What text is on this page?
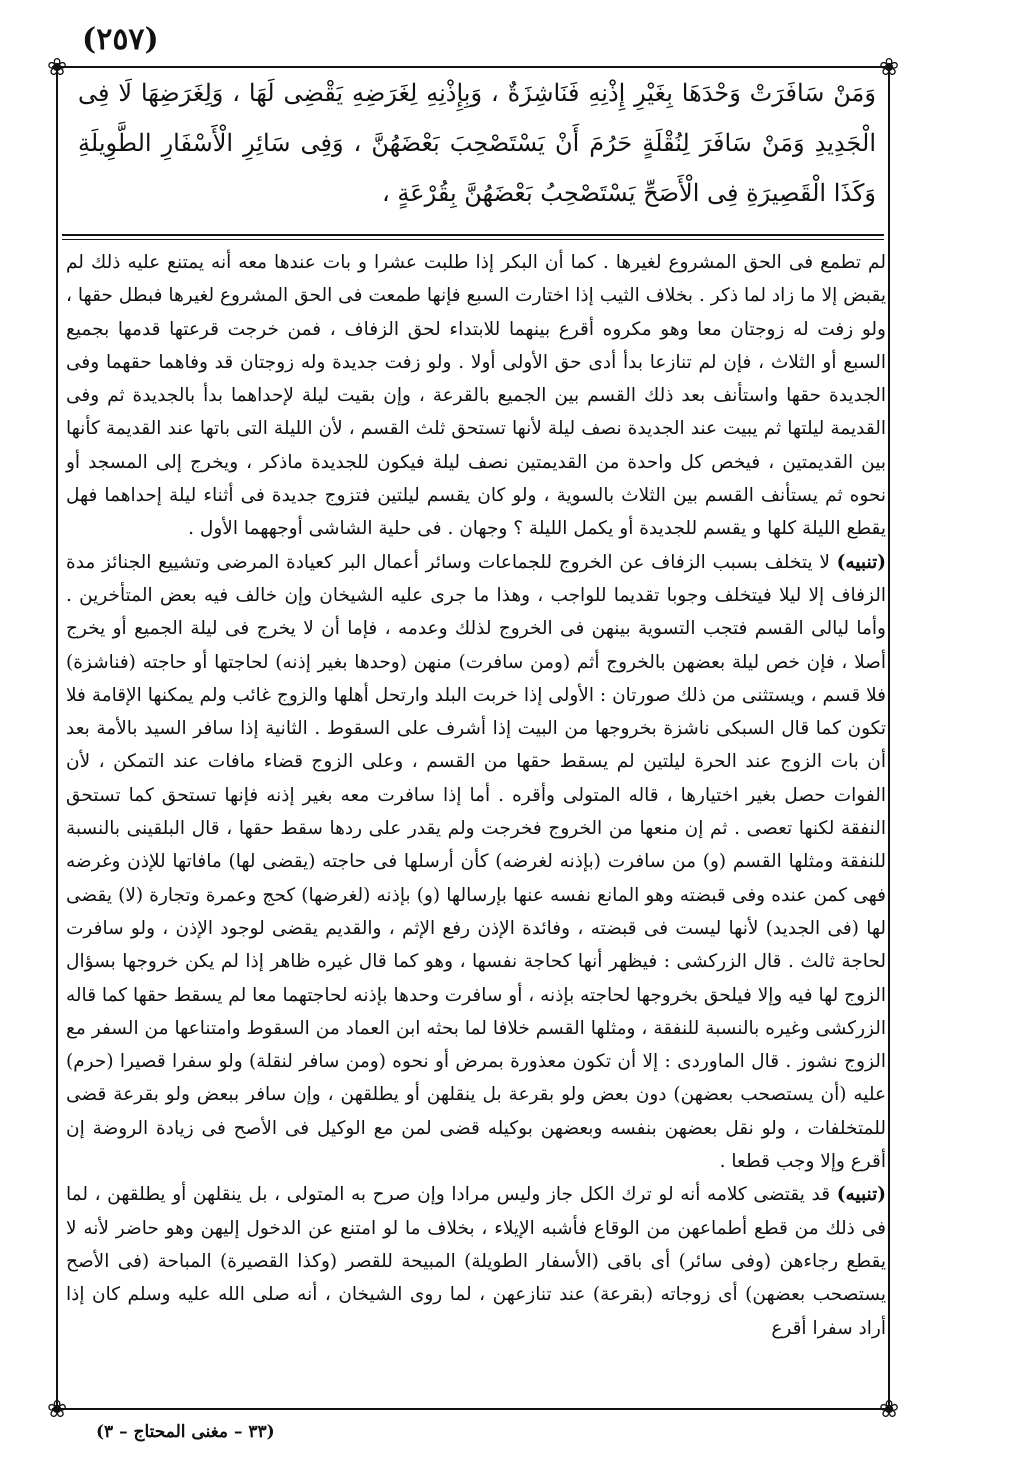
(٢٥٧)
❀	❀
❀	❀

وَمَنْ سَافَرَتْ وَحْدَهَا بِغَيْرِ إِذْنِهِ فَنَاشِزَةٌ ، وَبِإِذْنِهِ لِغَرَضِهِ يَقْضِى لَهَا ، وَلِغَرَضِهَا لَا فِى الْجَدِيدِ وَمَنْ سَافَرَ لِنُقْلَةٍ حَرُمَ أَنْ يَسْتَصْحِبَ بَعْضَهُنَّ ، وَفِى سَائِرِ الْأَسْفَارِ الطَّوِيلَةِ وَكَذَا الْقَصِيرَةِ فِى الْأَصَحِّ يَسْتَصْحِبُ بَعْضَهُنَّ بِقُرْعَةٍ ،

لم تطمع فى الحق المشروع لغيرها . كما أن البكر إذا طلبت عشرا و بات عندها معه أنه يمتنع عليه ذلك لم يقبض إلا ما زاد لما ذكر . بخلاف الثيب إذا اختارت السبع فإنها طمعت فى الحق المشروع لغيرها فبطل حقها ، ولو زفت له زوجتان معا وهو مكروه أقرع بينهما للابتداء لحق الزفاف ، فمن خرجت قرعتها قدمها بجميع السبع أو الثلاث ، فإن لم تنازعا بدأ أدى حق الأولى أولا . ولو زفت جديدة وله زوجتان قد وفاهما حقهما وفى الجديدة حقها واستأنف بعد ذلك القسم بين الجميع بالقرعة ، وإن بقيت ليلة لإحداهما بدأ بالجديدة ثم وفى القديمة ليلتها ثم يبيت عند الجديدة نصف ليلة لأنها تستحق ثلث القسم ، لأن الليلة التى باتها عند القديمة كأنها بين القديمتين ، فيخص كل واحدة من القديمتين نصف ليلة فيكون للجديدة ماذكر ، ويخرج إلى المسجد أو نحوه ثم يستأنف القسم بين الثلاث بالسوية ، ولو كان يقسم ليلتين فتزوج جديدة فى أثناء ليلة إحداهما فهل يقطع الليلة كلها و يقسم للجديدة أو يكمل الليلة ؟ وجهان . فى حلية الشاشى أوجههما الأول .

(تنبيه) لا يتخلف بسبب الزفاف عن الخروج للجماعات وسائر أعمال البر كعيادة المرضى وتشييع الجنائز مدة الزفاف إلا ليلا فيتخلف وجوبا تقديما للواجب ، وهذا ما جرى عليه الشيخان وإن خالف فيه بعض المتأخرين . وأما ليالى القسم فتجب التسوية بينهن فى الخروج لذلك وعدمه ، فإما أن لا يخرج فى ليلة الجميع أو يخرج أصلا ، فإن خص ليلة بعضهن بالخروج أثم (ومن سافرت) منهن (وحدها بغير إذنه) لحاجتها أو حاجته (فناشزة) فلا قسم ، ويستثنى من ذلك صورتان : الأولى إذا خربت البلد وارتحل أهلها والزوج غائب ولم يمكنها الإقامة فلا تكون كما قال السبكى ناشزة بخروجها من البيت إذا أشرف على السقوط . الثانية إذا سافر السيد بالأمة بعد أن بات الزوج عند الحرة ليلتين لم يسقط حقها من القسم ، وعلى الزوج قضاء مافات عند التمكن ، لأن الفوات حصل بغير اختيارها ، قاله المتولى وأقره . أما إذا سافرت معه بغير إذنه فإنها تستحق كما تستحق النفقة لكنها تعصى . ثم إن منعها من الخروج فخرجت ولم يقدر على ردها سقط حقها ، قال البلقينى بالنسبة للنفقة ومثلها القسم (و) من سافرت (بإذنه لغرضه) كأن أرسلها فى حاجته (يقضى لها) مافاتها للإذن وغرضه فهى كمن عنده وفى قبضته وهو المانع نفسه عنها بإرسالها (و) بإذنه (لغرضها) كحج وعمرة وتجارة (لا) يقضى لها (فى الجديد) لأنها ليست فى قبضته ، وفائدة الإذن رفع الإثم ، والقديم يقضى لوجود الإذن ، ولو سافرت لحاجة ثالث . قال الزركشى : فيظهر أنها كحاجة نفسها ، وهو كما قال غيره ظاهر إذا لم يكن خروجها بسؤال الزوج لها فيه وإلا فيلحق بخروجها لحاجته بإذنه ، أو سافرت وحدها بإذنه لحاجتهما معا لم يسقط حقها كما قاله الزركشى وغيره بالنسبة للنفقة ، ومثلها القسم خلافا لما بحثه ابن العماد من السقوط وامتناعها من السفر مع الزوج نشوز . قال الماوردى : إلا أن تكون معذورة بمرض أو نحوه (ومن سافر لنقلة) ولو سفرا قصيرا (حرم) عليه (أن يستصحب بعضهن) دون بعض ولو بقرعة بل ينقلهن أو يطلقهن ، وإن سافر ببعض ولو بقرعة قضى للمتخلفات ، ولو نقل بعضهن بنفسه وبعضهن بوكيله قضى لمن مع الوكيل فى الأصح فى زيادة الروضة إن أقرع وإلا وجب قطعا .

(تنبيه) قد يقتضى كلامه أنه لو ترك الكل جاز وليس مرادا وإن صرح به المتولى ، بل ينقلهن أو يطلقهن ، لما فى ذلك من قطع أطماعهن من الوقاع فأشبه الإيلاء ، بخلاف ما لو امتنع عن الدخول إليهن وهو حاضر لأنه لا يقطع رجاءهن (وفى سائر) أى باقى (الأسفار الطويلة) المبيحة للقصر (وكذا القصيرة) المباحة (فى الأصح يستصحب بعضهن) أى زوجاته (بقرعة) عند تنازعهن ، لما روى الشيخان ، أنه صلى الله عليه وسلم كان إذا أراد سفرا أقرع

(٣٣ – مغنى المحتاج – ٣)
